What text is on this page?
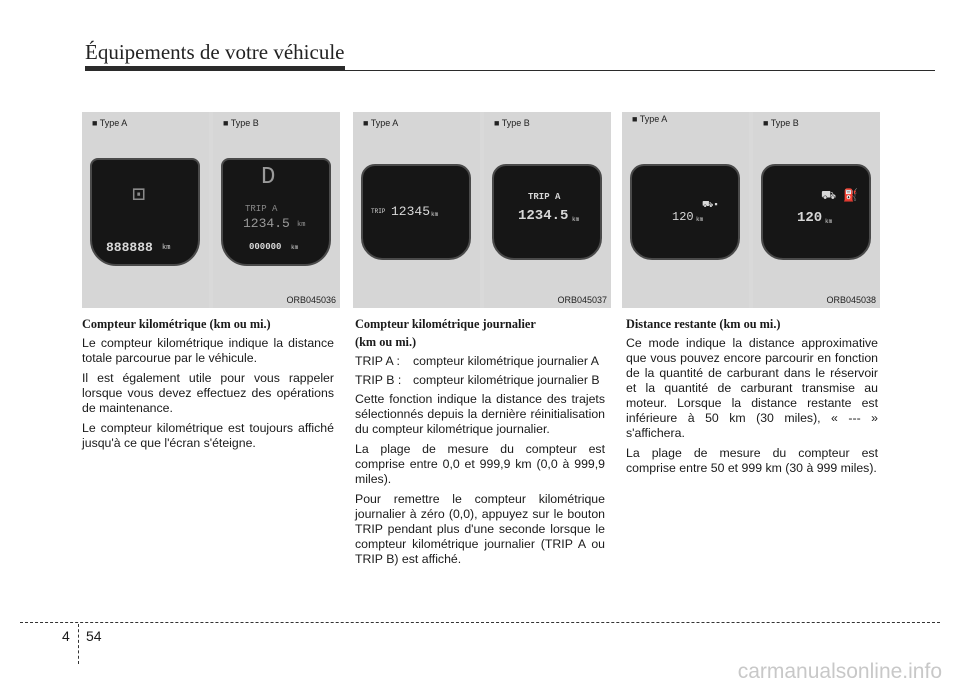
Équipements de votre véhicule
■ Type A
⊡
888888 km
■ Type B
D
TRIP A
1234.5 km
000000 km
ORB045036
■ Type A
TRIP 12345 km
■ Type B
TRIP A
1234.5 km
ORB045037
■ Type A
120 km
⛟▪
■ Type B
120 km
⛟ ⛽
ORB045038

Compteur kilométrique (km ou mi.)

Le compteur kilométrique indique la distance totale parcourue par le véhicule.

Il est également utile pour vous rappeler lorsque vous devez effectuez des opérations de maintenance.

Le compteur kilométrique est toujours affiché jusqu'à ce que l'écran s'éteigne.

Compteur kilométrique journalier

(km ou mi.)

TRIP A :	compteur kilométrique journalier A
TRIP B : compteur kilométrique journalier B

Cette fonction indique la distance des trajets sélectionnés depuis la dernière réinitialisation du compteur kilométrique journalier.

La plage de mesure du compteur est comprise entre 0,0 et 999,9 km (0,0 à 999,9 miles).

Pour remettre le compteur kilométrique journalier à zéro (0,0), appuyez sur le bouton TRIP pendant plus d'une seconde lorsque le compteur kilométrique journalier (TRIP A ou TRIP B) est affiché.

Distance restante (km ou mi.)

Ce mode indique la distance approximative que vous pouvez encore parcourir en fonction de la quantité de carburant dans le réservoir et la quantité de carburant transmise au moteur. Lorsque la distance restante est inférieure à 50 km (30 miles), « --- » s'affichera.

La plage de mesure du compteur est comprise entre 50 et 999 km (30 à 999 miles).

4 54
carmanualsonline.info
